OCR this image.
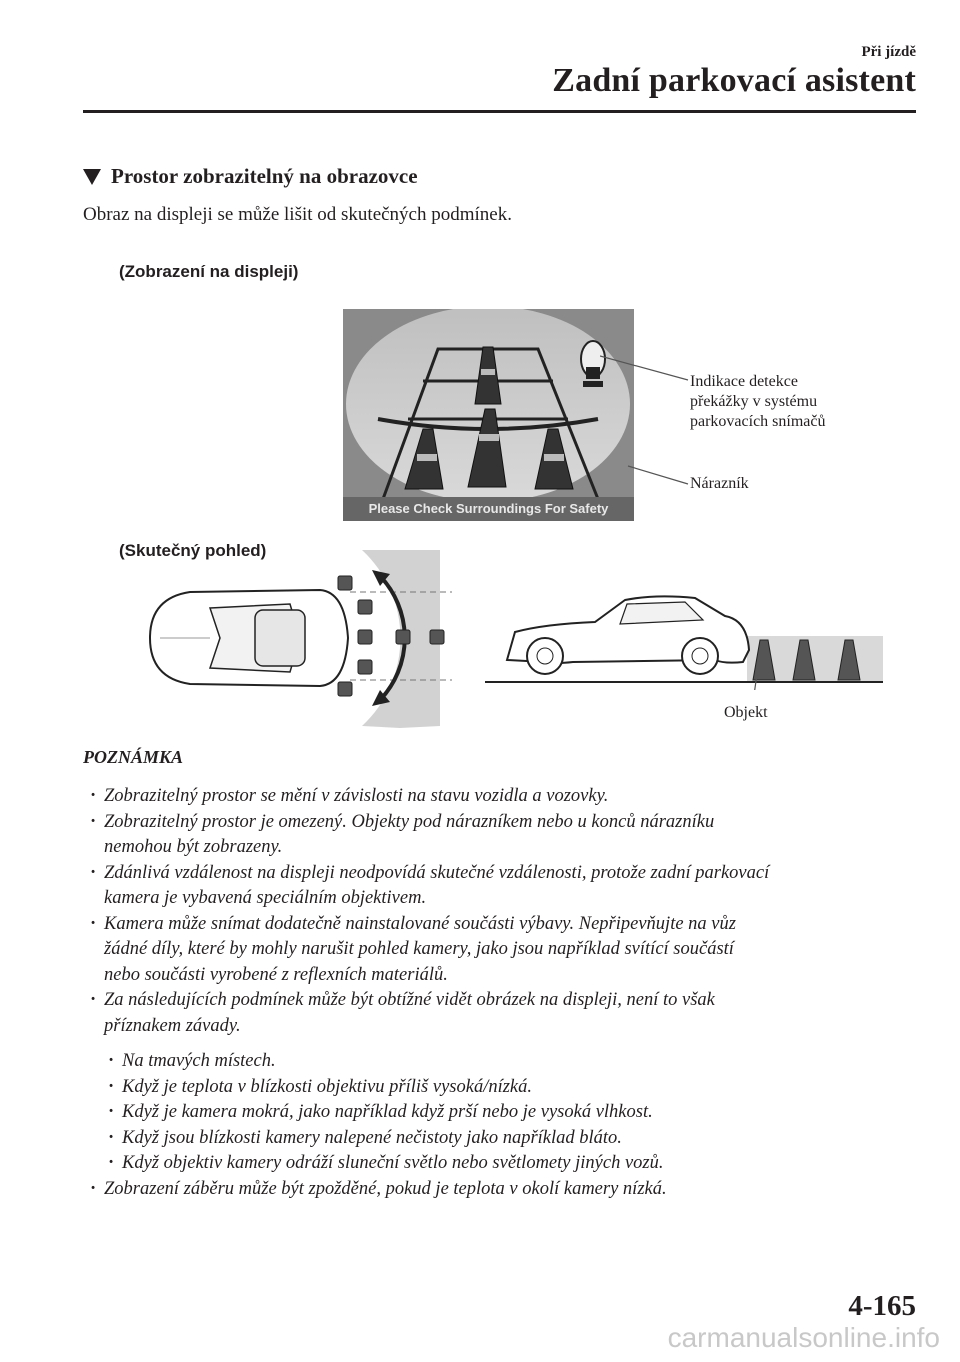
Při jízdě
Zadní parkovací asistent
Prostor zobrazitelný na obrazovce
Obraz na displeji se může lišit od skutečných podmínek.
(Zobrazení na displeji)
Please Check Surroundings For Safety
Indikace detekce
překážky v systému
parkovacích snímačů
Nárazník
(Skutečný pohled)
Objekt
POZNÁMKA
· Zobrazitelný prostor se mění v závislosti na stavu vozidla a vozovky.
· Zobrazitelný prostor je omezený. Objekty pod nárazníkem nebo u konců nárazníku
nemohou být zobrazeny.
· Zdánlivá vzdálenost na displeji neodpovídá skutečné vzdálenosti, protože zadní parkovací
kamera je vybavená speciálním objektivem.
· Kamera může snímat dodatečně nainstalované součásti výbavy. Nepřipevňujte na vůz
žádné díly, které by mohly narušit pohled kamery, jako jsou například svítící součástí
nebo součásti vyrobené z reflexních materiálů.
· Za následujících podmínek může být obtížné vidět obrázek na displeji, není to však
příznakem závady.
· Na tmavých místech.
· Když je teplota v blízkosti objektivu příliš vysoká/nízká.
· Když je kamera mokrá, jako například když prší nebo je vysoká vlhkost.
· Když jsou blízkosti kamery nalepené nečistoty jako například bláto.
· Když objektiv kamery odráží sluneční světlo nebo světlomety jiných vozů.
· Zobrazení záběru může být zpožděné, pokud je teplota v okolí kamery nízká.
4-165
carmanualsonline.info
